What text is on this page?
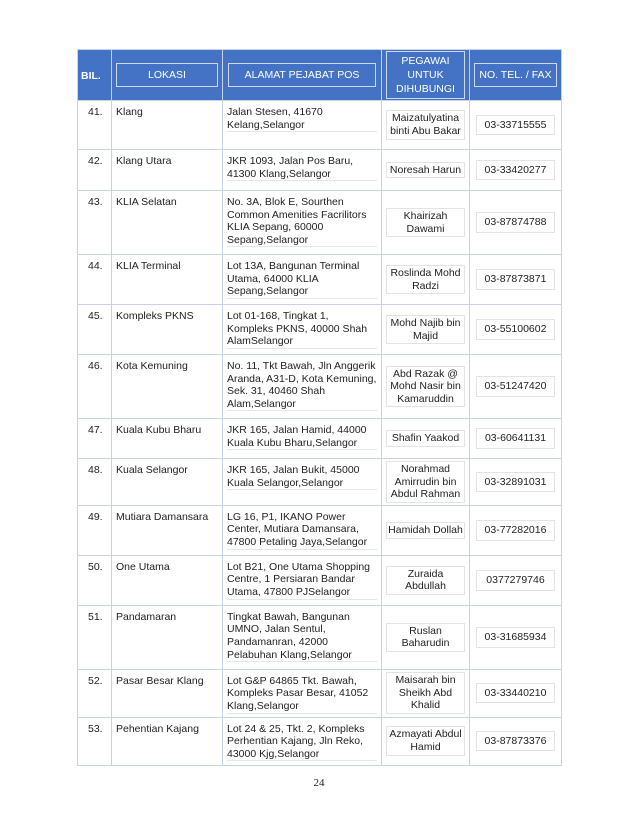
BIL.	LOKASI	ALAMAT PEJABAT POS	PEGAWAI UNTUK DIHUBUNGI	NO. TEL. / FAX

41.	Klang	Jalan Stesen, 41670 Kelang,Selangor	Maizatulyatina binti Abu Bakar	03-33715555

42.	Klang Utara	JKR 1093, Jalan Pos Baru, 41300 Klang,Selangor	Noresah Harun	03-33420277

43.	KLIA Selatan	No. 3A, Blok E, Sourthen Common Amenities Facrilitors KLIA Sepang, 60000 Sepang,Selangor	Khairizah Dawami	03-87874788

44.	KLIA Terminal	Lot 13A, Bangunan Terminal Utama, 64000 KLIA Sepang,Selangor	Roslinda Mohd Radzi	03-87873871

45.	Kompleks PKNS	Lot 01-168, Tingkat 1, Kompleks PKNS, 40000 Shah AlamSelangor	Mohd Najib bin Majid	03-55100602

46.	Kota Kemuning	No. 11, Tkt Bawah, Jln Anggerik Aranda, A31-D, Kota Kemuning, Sek. 31, 40460 Shah Alam,Selangor	Abd Razak @ Mohd Nasir bin Kamaruddin	03-51247420

47.	Kuala Kubu Bharu	JKR 165, Jalan Hamid, 44000 Kuala Kubu Bharu,Selangor	Shafin Yaakod	03-60641131

48.	Kuala Selangor	JKR 165, Jalan Bukit, 45000 Kuala Selangor,Selangor	Norahmad Amirrudin bin Abdul Rahman	03-32891031

49.	Mutiara Damansara	LG 16, P1, IKANO Power Center, Mutiara Damansara, 47800 Petaling Jaya,Selangor	Hamidah Dollah	03-77282016

50.	One Utama	Lot B21, One Utama Shopping Centre, 1 Persiaran Bandar Utama, 47800 PJSelangor	Zuraida Abdullah	0377279746

51.	Pandamaran	Tingkat Bawah, Bangunan UMNO, Jalan Sentul, Pandamanran, 42000 Pelabuhan Klang,Selangor	Ruslan Baharudin	03-31685934

52.	Pasar Besar Klang	Lot G&P 64865 Tkt. Bawah, Kompleks Pasar Besar, 41052 Klang,Selangor	Maisarah bin Sheikh Abd Khalid	03-33440210

53.	Pehentian Kajang	Lot 24 & 25, Tkt. 2, Kompleks Perhentian Kajang, Jln Reko, 43000 Kjg,Selangor	Azmayati Abdul Hamid	03-87873376
24
